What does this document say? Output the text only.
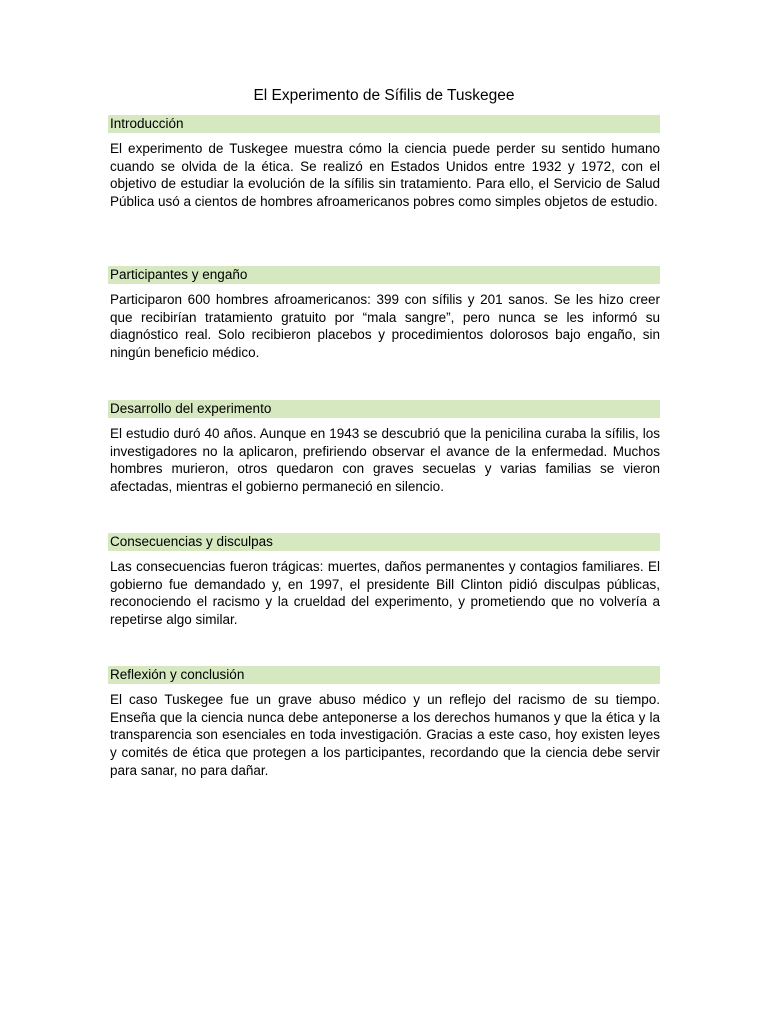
El Experimento de Sífilis de Tuskegee
Introducción

El experimento de Tuskegee muestra cómo la ciencia puede perder su sentido humano cuando se olvida de la ética. Se realizó en Estados Unidos entre 1932 y 1972, con el objetivo de estudiar la evolución de la sífilis sin tratamiento. Para ello, el Servicio de Salud Pública usó a cientos de hombres afroamericanos pobres como simples objetos de estudio.

Participantes y engaño

Participaron 600 hombres afroamericanos: 399 con sífilis y 201 sanos. Se les hizo creer que recibirían tratamiento gratuito por “mala sangre”, pero nunca se les informó su diagnóstico real. Solo recibieron placebos y procedimientos dolorosos bajo engaño, sin ningún beneficio médico.

Desarrollo del experimento

El estudio duró 40 años. Aunque en 1943 se descubrió que la penicilina curaba la sífilis, los investigadores no la aplicaron, prefiriendo observar el avance de la enfermedad. Muchos hombres murieron, otros quedaron con graves secuelas y varias familias se vieron afectadas, mientras el gobierno permaneció en silencio.

Consecuencias y disculpas

Las consecuencias fueron trágicas: muertes, daños permanentes y contagios familiares. El gobierno fue demandado y, en 1997, el presidente Bill Clinton pidió disculpas públicas, reconociendo el racismo y la crueldad del experimento, y prometiendo que no volvería a repetirse algo similar.

Reflexión y conclusión

El caso Tuskegee fue un grave abuso médico y un reflejo del racismo de su tiempo. Enseña que la ciencia nunca debe anteponerse a los derechos humanos y que la ética y la transparencia son esenciales en toda investigación. Gracias a este caso, hoy existen leyes y comités de ética que protegen a los participantes, recordando que la ciencia debe servir para sanar, no para dañar.
